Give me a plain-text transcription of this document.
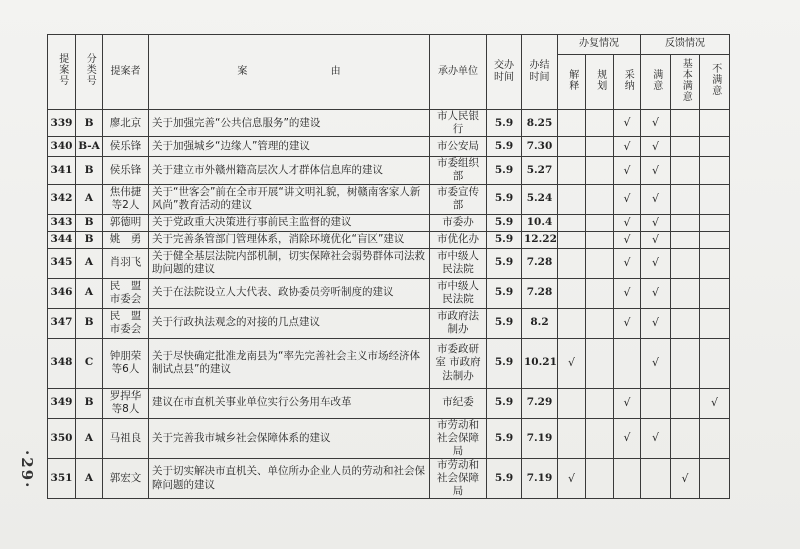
·29·
提案号	分类号	提案者	案 由	承办单位	交办时间	办结时间	办复情况			反馈情况		
							解释	规划	采纳	满意	基本满意	不满意
339	B	廖北京	关于加强完善“公共信息服务”的建设	市人民银行	5.9	8.25			√	√		
340	B-A	侯乐锋	关于加强城乡“边缘人”管理的建议	市公安局	5.9	7.30			√	√		
341	B	侯乐锋	关于建立市外赣州籍高层次人才群体信息库的建议	市委组织部	5.9	5.27			√	√		
342	A	焦伟捷等2人	关于“世客会”前在全市开展“讲文明礼貌，树赣南客家人新风尚”教育活动的建议	市委宣传部	5.9	5.24			√	√		
343	B	郭德明	关于党政重大决策进行事前民主监督的建议	市委办	5.9	10.4			√	√		
344	B	姚　勇	关于完善条管部门管理体系，消除环境优化“盲区”建议	市优化办	5.9	12.22			√	√		
345	A	肖羽飞	关于健全基层法院内部机制，切实保障社会弱势群体司法救助问题的建议	市中级人民法院	5.9	7.28			√	√		
346	A	民　盟市委会	关于在法院设立人大代表、政协委员旁听制度的建议	市中级人民法院	5.9	7.28			√	√		
347	B	民　盟市委会	关于行政执法观念的对接的几点建议	市政府法制办	5.9	8.2			√	√		
348	C	钟朋荣等6人	关于尽快确定批准龙南县为“率先完善社会主义市场经济体制试点县”的建议	市委政研室 市政府法制办	5.9	10.21	√			√		
349	B	罗捍华等8人	建议在市直机关事业单位实行公务用车改革	市纪委	5.9	7.29			√			√
350	A	马祖良	关于完善我市城乡社会保障体系的建议	市劳动和社会保障局	5.9	7.19			√	√		
351	A	郭宏文	关于切实解决市直机关、单位所办企业人员的劳动和社会保障问题的建议	市劳动和社会保障局	5.9	7.19	√				√	
